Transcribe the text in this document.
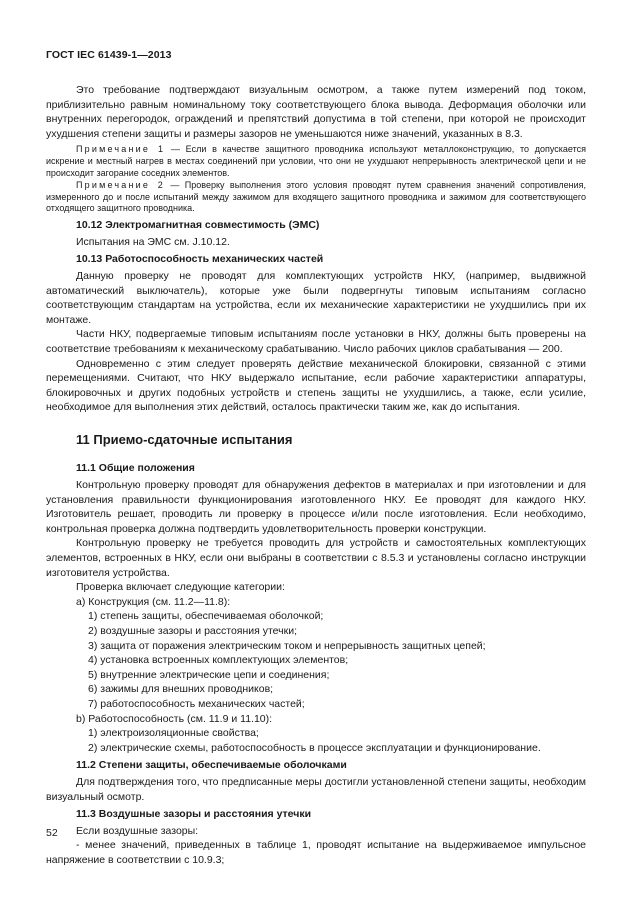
ГОСТ IEC 61439-1—2013

Это требование подтверждают визуальным осмотром, а также путем измерений под током, приблизительно равным номинальному току соответствующего блока вывода. Деформация оболочки или внутренних перегородок, ограждений и препятствий допустима в той степени, при которой не происходит ухудшения степени защиты и размеры зазоров не уменьшаются ниже значений, указанных в 8.3.

Примечание 1 — Если в качестве защитного проводника используют металлоконструкцию, то допускается искрение и местный нагрев в местах соединений при условии, что они не ухудшают непрерывность электрической цепи и не происходит загорание соседних элементов.

Примечание 2 — Проверку выполнения этого условия проводят путем сравнения значений сопротивления, измеренного до и после испытаний между зажимом для входящего защитного проводника и зажимом для соответствующего отходящего защитного проводника.

10.12 Электромагнитная совместимость (ЭМС)

Испытания на ЭМС см. J.10.12.

10.13 Работоспособность механических частей

Данную проверку не проводят для комплектующих устройств НКУ, (например, выдвижной автоматический выключатель), которые уже были подвергнуты типовым испытаниям согласно соответствующим стандартам на устройства, если их механические характеристики не ухудшились при их монтаже.

Части НКУ, подвергаемые типовым испытаниям после установки в НКУ, должны быть проверены на соответствие требованиям к механическому срабатыванию. Число рабочих циклов срабатывания — 200.

Одновременно с этим следует проверять действие механической блокировки, связанной с этими перемещениями. Считают, что НКУ выдержало испытание, если рабочие характеристики аппаратуры, блокировочных и других подобных устройств и степень защиты не ухудшились, а также, если усилие, необходимое для выполнения этих действий, осталось практически таким же, как до испытания.

11 Приемо-сдаточные испытания
11.1 Общие положения

Контрольную проверку проводят для обнаружения дефектов в материалах и при изготовлении и для установления правильности функционирования изготовленного НКУ. Ее проводят для каждого НКУ. Изготовитель решает, проводить ли проверку в процессе и/или после изготовления. Если необходимо, контрольная проверка должна подтвердить удовлетворительность проверки конструкции.

Контрольную проверку не требуется проводить для устройств и самостоятельных комплектующих элементов, встроенных в НКУ, если они выбраны в соответствии с 8.5.3 и установлены согласно инструкции изготовителя устройства.

Проверка включает следующие категории:

a) Конструкция (см. 11.2—11.8):
1) степень защиты, обеспечиваемая оболочкой;
2) воздушные зазоры и расстояния утечки;
3) защита от поражения электрическим током и непрерывность защитных цепей;
4) установка встроенных комплектующих элементов;
5) внутренние электрические цепи и соединения;
6) зажимы для внешних проводников;
7) работоспособность механических частей;
b) Работоспособность (см. 11.9 и 11.10):
1) электроизоляционные свойства;
2) электрические схемы, работоспособность в процессе эксплуатации и функционирование.
11.2 Степени защиты, обеспечиваемые оболочками

Для подтверждения того, что предписанные меры достигли установленной степени защиты, необходим визуальный осмотр.

11.3 Воздушные зазоры и расстояния утечки

Если воздушные зазоры:

- менее значений, приведенных в таблице 1, проводят испытание на выдерживаемое импульсное напряжение в соответствии с 10.9.3;

52
